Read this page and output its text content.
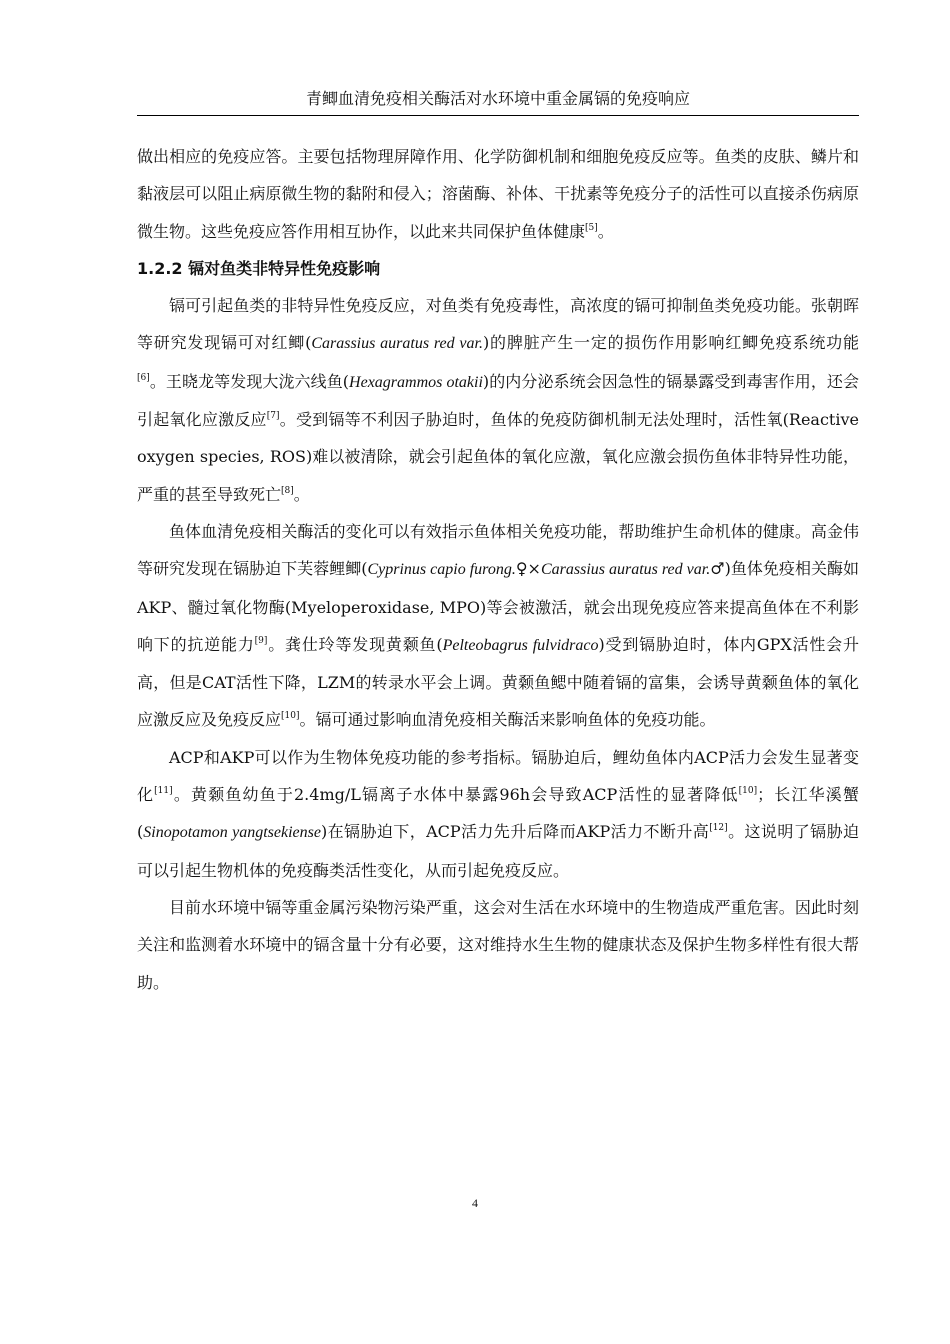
青鲫血清免疫相关酶活对水环境中重金属镉的免疫响应

做出相应的免疫应答。主要包括物理屏障作用、化学防御机制和细胞免疫反应等。鱼类的皮肤、鳞片和黏液层可以阻止病原微生物的黏附和侵入；溶菌酶、补体、干扰素等免疫分子的活性可以直接杀伤病原微生物。这些免疫应答作用相互协作，以此来共同保护鱼体健康[5]。

1.2.2 镉对鱼类非特异性免疫影响

镉可引起鱼类的非特异性免疫反应，对鱼类有免疫毒性，高浓度的镉可抑制鱼类免疫功能。张朝晖等研究发现镉可对红鲫(Carassius auratus red var.)的脾脏产生一定的损伤作用影响红鲫免疫系统功能[6]。王晓龙等发现大泷六线鱼(Hexagrammos otakii)的内分泌系统会因急性的镉暴露受到毒害作用，还会引起氧化应激反应[7]。受到镉等不利因子胁迫时，鱼体的免疫防御机制无法处理时，活性氧(Reactive oxygen species, ROS)难以被清除，就会引起鱼体的氧化应激，氧化应激会损伤鱼体非特异性功能，严重的甚至导致死亡[8]。

鱼体血清免疫相关酶活的变化可以有效指示鱼体相关免疫功能，帮助维护生命机体的健康。高金伟等研究发现在镉胁迫下芙蓉鲤鲫(Cyprinus capio furong.♀×Carassius auratus red var.♂)鱼体免疫相关酶如AKP、髓过氧化物酶(Myeloperoxidase, MPO)等会被激活，就会出现免疫应答来提高鱼体在不利影响下的抗逆能力[9]。龚仕玲等发现黄颡鱼(Pelteobagrus fulvidraco)受到镉胁迫时，体内GPX活性会升高，但是CAT活性下降，LZM的转录水平会上调。黄颡鱼鳃中随着镉的富集，会诱导黄颡鱼体的氧化应激反应及免疫反应[10]。镉可通过影响血清免疫相关酶活来影响鱼体的免疫功能。

ACP和AKP可以作为生物体免疫功能的参考指标。镉胁迫后，鲤幼鱼体内ACP活力会发生显著变化[11]。黄颡鱼幼鱼于2.4mg/L镉离子水体中暴露96h会导致ACP活性的显著降低[10]；长江华溪蟹(Sinopotamon yangtsekiense)在镉胁迫下，ACP活力先升后降而AKP活力不断升高[12]。这说明了镉胁迫可以引起生物机体的免疫酶类活性变化，从而引起免疫反应。

目前水环境中镉等重金属污染物污染严重，这会对生活在水环境中的生物造成严重危害。因此时刻关注和监测着水环境中的镉含量十分有必要，这对维持水生生物的健康状态及保护生物多样性有很大帮助。

4
